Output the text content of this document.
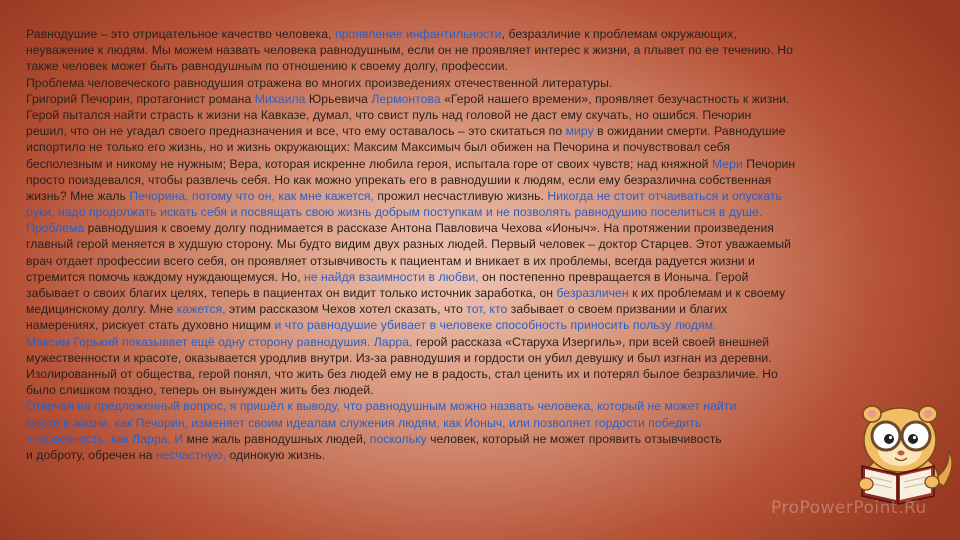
Равнодушие – это отрицательное качество человека, проявление инфантильности, безразличие к проблемам окружающих,
неуважение к людям. Мы можем назвать человека равнодушным, если он не проявляет интерес к жизни, а плывет по ее течению. Но
также человек может быть равнодушным по отношению к своему долгу, профессии.
Проблема человеческого равнодушия отражена во многих произведениях отечественной литературы.
Григорий Печорин, протагонист романа Михаила Юрьевича Лермонтова «Герой нашего времени», проявляет безучастность к жизни.
Герой пытался найти страсть к жизни на Кавказе, думал, что свист пуль над головой не даст ему скучать, но ошибся. Печорин
решил, что он не угадал своего предназначения и все, что ему оставалось – это скитаться по миру в ожидании смерти. Равнодушие
испортило не только его жизнь, но и жизнь окружающих: Максим Максимыч был обижен на Печорина и почувствовал себя
бесполезным и никому не нужным; Вера, которая искренне любила героя, испытала горе от своих чувств; над княжной Мери Печорин
просто поиздевался, чтобы развлечь себя. Но как можно упрекать его в равнодушии к людям, если ему безразлична собственная
жизнь? Мне жаль Печорина, потому что он, как мне кажется, прожил несчастливую жизнь. Никогда не стоит отчаиваться и опускать
руки, надо продолжать искать себя и посвящать свою жизнь добрым поступкам и не позволять равнодушию поселиться в душе.
Проблема равнодушия к своему долгу поднимается в рассказе Антона Павловича Чехова «Ионыч». На протяжении произведения
главный герой меняется в худшую сторону. Мы будто видим двух разных людей. Первый человек – доктор Старцев. Этот уважаемый
врач отдает профессии всего себя, он проявляет отзывчивость к пациентам и вникает в их проблемы, всегда радуется жизни и
стремится помочь каждому нуждающемуся. Но, не найдя взаимности в любви, он постепенно превращается в Ионыча. Герой
забывает о своих благих целях, теперь в пациентах он видит только источник заработка, он безразличен к их проблемам и к своему
медицинскому долгу. Мне кажется, этим рассказом Чехов хотел сказать, что тот, кто забывает о своем призвании и благих
намерениях, рискует стать духовно нищим и что равнодушие убивает в человеке способность приносить пользу людям.
Максим Горький показывает ещё одну сторону равнодушия. Ларра, герой рассказа «Старуха Изергиль», при всей своей внешней
мужественности и красоте, оказывается уродлив внутри. Из-за равнодушия и гордости он убил девушку и был изгнан из деревни.
Изолированный от общества, герой понял, что жить без людей ему не в радость, стал ценить их и потерял былое безразличие. Но
было слишком поздно, теперь он вынужден жить без людей.
Отвечая на предложенный вопрос, я пришёл к выводу, что равнодушным можно назвать человека, который не может найти
место в жизни, как Печорин, изменяет своим идеалам служения людям, как Ионыч, или позволяет гордости победить
человечность, как Ларра. И мне жаль равнодушных людей, поскольку человек, который не может проявить отзывчивость
и доброту, обречен на несчастную, одинокую жизнь.
ProPowerPoint.Ru
